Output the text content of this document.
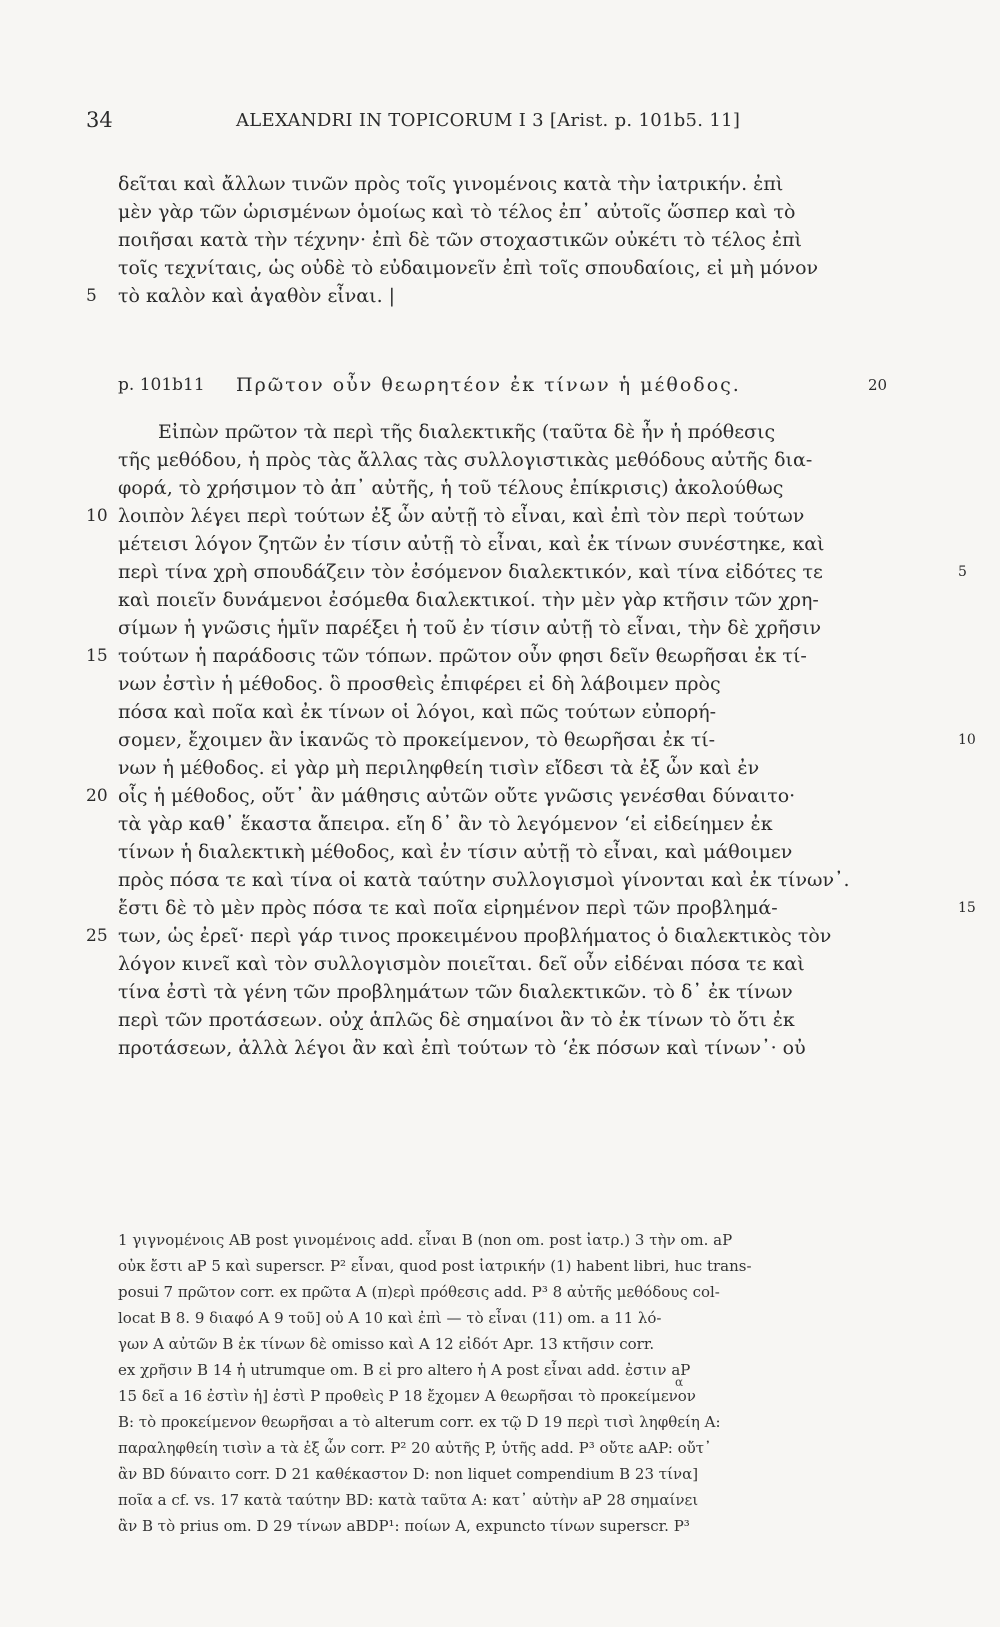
34	ALEXANDRI IN TOPICORUM I 3 [Arist. p. 101b5. 11]
δεῖται καὶ ἄλλων τινῶν πρὸς τοῖς γινομένοις κατὰ τὴν ἰατρικήν. ἐπὶ
μὲν γὰρ τῶν ὡρισμένων ὁμοίως καὶ τὸ τέλος ἐπ᾽ αὐτοῖς ὥσπερ καὶ τὸ
ποιῆσαι κατὰ τὴν τέχνην· ἐπὶ δὲ τῶν στοχαστικῶν οὐκέτι τὸ τέλος ἐπὶ
τοῖς τεχνίταις, ὡς οὐδὲ τὸ εὐδαιμονεῖν ἐπὶ τοῖς σπουδαίοις, εἰ μὴ μόνον
5	τὸ καλὸν καὶ ἀγαθὸν εἶναι. |
p. 101b11 Πρῶτον οὖν θεωρητέον ἐκ τίνων ἡ μέθοδος.	20
Εἰπὼν πρῶτον τὰ περὶ τῆς διαλεκτικῆς (ταῦτα δὲ ἦν ἡ πρόθεσις
τῆς μεθόδου, ἡ πρὸς τὰς ἄλλας τὰς συλλογιστικὰς μεθόδους αὐτῆς δια-
φορά, τὸ χρήσιμον τὸ ἀπ᾽ αὐτῆς, ἡ τοῦ τέλους ἐπίκρισις) ἀκολούθως
10 λοιπὸν λέγει περὶ τούτων ἐξ ὧν αὐτῇ τὸ εἶναι, καὶ ἐπὶ τὸν περὶ τούτων
μέτεισι λόγον ζητῶν ἐν τίσιν αὐτῇ τὸ εἶναι, καὶ ἐκ τίνων συνέστηκε, καὶ
περὶ τίνα χρὴ σπουδάζειν τὸν ἐσόμενον διαλεκτικόν, καὶ τίνα εἰδότες τε	5
καὶ ποιεῖν δυνάμενοι ἐσόμεθα διαλεκτικοί. τὴν μὲν γὰρ κτῆσιν τῶν χρη-
σίμων ἡ γνῶσις ἡμῖν παρέξει ἡ τοῦ ἐν τίσιν αὐτῇ τὸ εἶναι, τὴν δὲ χρῆσιν
15 τούτων ἡ παράδοσις τῶν τόπων. πρῶτον οὖν φησι δεῖν θεωρῆσαι ἐκ τί-
νων ἐστὶν ἡ μέθοδος. ὃ προσθεὶς ἐπιφέρει εἰ δὴ λάβοιμεν πρὸς
πόσα καὶ ποῖα καὶ ἐκ τίνων οἱ λόγοι, καὶ πῶς τούτων εὐπορή-
σομεν, ἔχοιμεν ἂν ἱκανῶς τὸ προκείμενον, τὸ θεωρῆσαι ἐκ τί-	10
νων ἡ μέθοδος. εἰ γὰρ μὴ περιληφθείη τισὶν εἴδεσι τὰ ἐξ ὧν καὶ ἐν
20 οἷς ἡ μέθοδος, οὔτ᾽ ἂν μάθησις αὐτῶν οὔτε γνῶσις γενέσθαι δύναιτο·
τὰ γὰρ καθ᾽ ἕκαστα ἄπειρα. εἴη δ᾽ ἂν τὸ λεγόμενον ʻεἰ εἰδείημεν ἐκ
τίνων ἡ διαλεκτικὴ μέθοδος, καὶ ἐν τίσιν αὐτῇ τὸ εἶναι, καὶ μάθοιμεν
πρὸς πόσα τε καὶ τίνα οἱ κατὰ ταύτην συλλογισμοὶ γίνονται καὶ ἐκ τίνων᾽.
ἔστι δὲ τὸ μὲν πρὸς πόσα τε καὶ ποῖα εἰρημένον περὶ τῶν προβλημά-	15
25 των, ὡς ἐρεῖ· περὶ γάρ τινος προκειμένου προβλήματος ὁ διαλεκτικὸς τὸν
λόγον κινεῖ καὶ τὸν συλλογισμὸν ποιεῖται. δεῖ οὖν εἰδέναι πόσα τε καὶ
τίνα ἐστὶ τὰ γένη τῶν προβλημάτων τῶν διαλεκτικῶν. τὸ δ᾽ ἐκ τίνων
περὶ τῶν προτάσεων. οὐχ ἁπλῶς δὲ σημαίνοι ἂν τὸ ἐκ τίνων τὸ ὅτι ἐκ
προτάσεων, ἀλλὰ λέγοι ἂν καὶ ἐπὶ τούτων τὸ ʻἐκ πόσων καὶ τίνων᾽· οὐ
1 γιγνομένοις AB post γινομένοις add. εἶναι B (non om. post ἰατρ.) 3 τὴν om. aP
οὐκ ἔστι aP 5 καὶ superscr. P² εἶναι, quod post ἰατρικήν (1) habent libri, huc trans-
posui 7 πρῶτον corr. ex πρῶτα A (π)ερὶ πρόθεσις add. P³ 8 αὐτῆς μεθόδους col-
locat B 8. 9 διαφό A 9 τοῦ] οὐ A 10 καὶ ἐπὶ — τὸ εἶναι (11) om. a 11 λό-
α
γων A αὐτῶν B ἐκ τίνων δὲ omisso καὶ A 12 εἰδότ Apr. 13 κτῆσιν corr.
ex χρῆσιν B 14 ἡ utrumque om. B εἰ pro altero ἡ A post εἶναι add. ἐστιν aP
15 δεῖ a 16 ἐστὶν ἡ] ἐστὶ P προθεὶς P 18 ἔχομεν A θεωρῆσαι τὸ προκείμενον
B: τὸ προκείμενον θεωρῆσαι a τὸ alterum corr. ex τῷ D 19 περὶ τισὶ ληφθείη A:
παραληφθείη τισὶν a τὰ ἐξ ὧν corr. P² 20 αὐτῆς P, ὑτῆς add. P³ οὔτε aAP: οὔτ᾽
ἂν BD δύναιτο corr. D 21 καθέκαστον D: non liquet compendium B 23 τίνα]
ποῖα a cf. vs. 17 κατὰ ταύτην BD: κατὰ ταῦτα A: κατ᾽ αὐτὴν aP 28 σημαίνει
ἂν B τὸ prius om. D 29 τίνων aBDP¹: ποίων A, expuncto τίνων superscr. P³
